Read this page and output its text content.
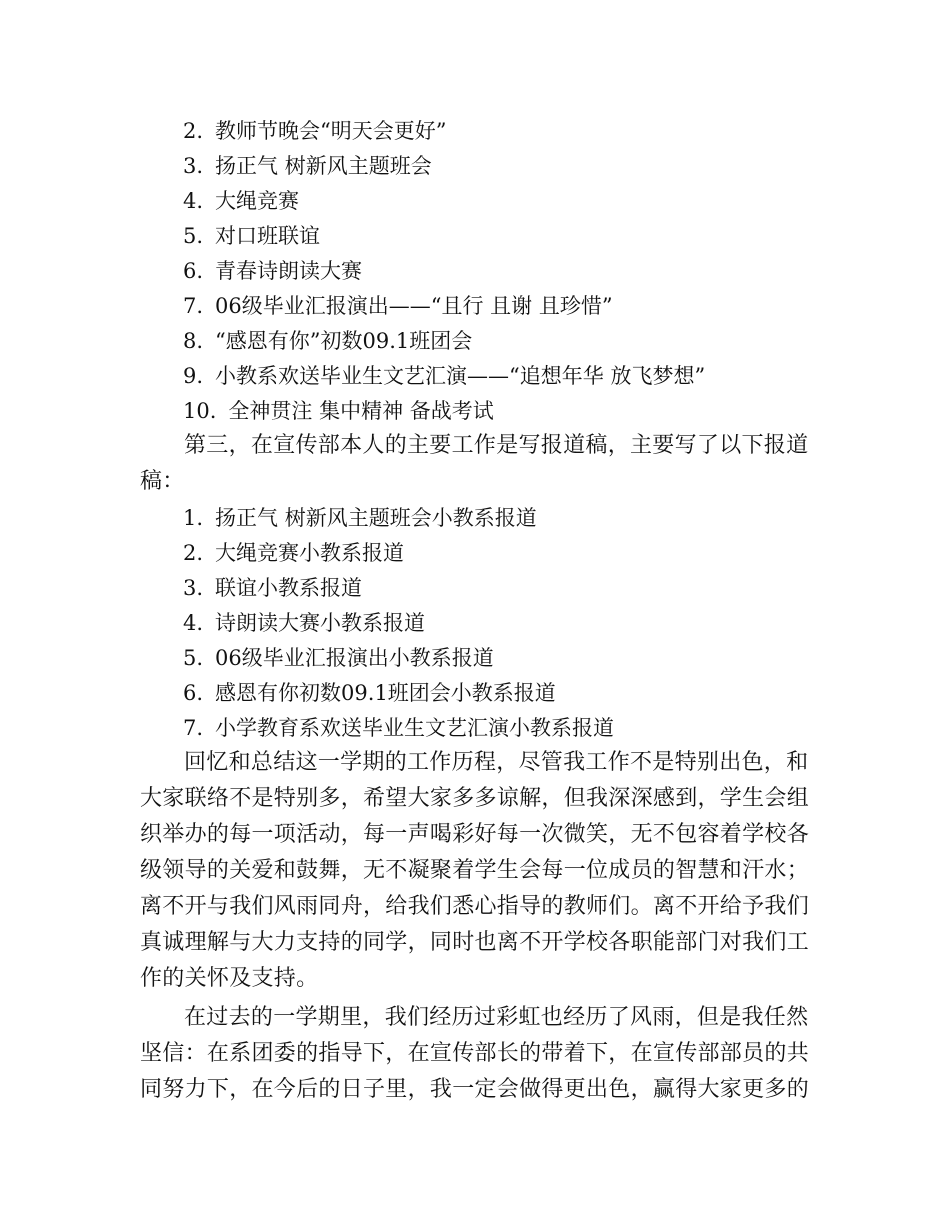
2. 教师节晚会“明天会更好”
3. 扬正气 树新风主题班会
4. 大绳竞赛
5. 对口班联谊
6. 青春诗朗读大赛
7. 06级毕业汇报演出——“且行 且谢 且珍惜”
8. “感恩有你”初数09.1班团会
9. 小教系欢送毕业生文艺汇演——“追想年华 放飞梦想”
10. 全神贯注 集中精神 备战考试
第三，在宣传部本人的主要工作是写报道稿，主要写了以下报道
稿：
1. 扬正气 树新风主题班会小教系报道
2. 大绳竞赛小教系报道
3. 联谊小教系报道
4. 诗朗读大赛小教系报道
5. 06级毕业汇报演出小教系报道
6. 感恩有你初数09.1班团会小教系报道
7. 小学教育系欢送毕业生文艺汇演小教系报道
回忆和总结这一学期的工作历程，尽管我工作不是特别出色，和
大家联络不是特别多，希望大家多多谅解，但我深深感到，学生会组
织举办的每一项活动，每一声喝彩好每一次微笑，无不包容着学校各
级领导的关爱和鼓舞，无不凝聚着学生会每一位成员的智慧和汗水；
离不开与我们风雨同舟，给我们悉心指导的教师们。离不开给予我们
真诚理解与大力支持的同学，同时也离不开学校各职能部门对我们工
作的关怀及支持。
在过去的一学期里，我们经历过彩虹也经历了风雨，但是我任然
坚信：在系团委的指导下，在宣传部长的带着下，在宣传部部员的共
同努力下，在今后的日子里，我一定会做得更出色，赢得大家更多的
